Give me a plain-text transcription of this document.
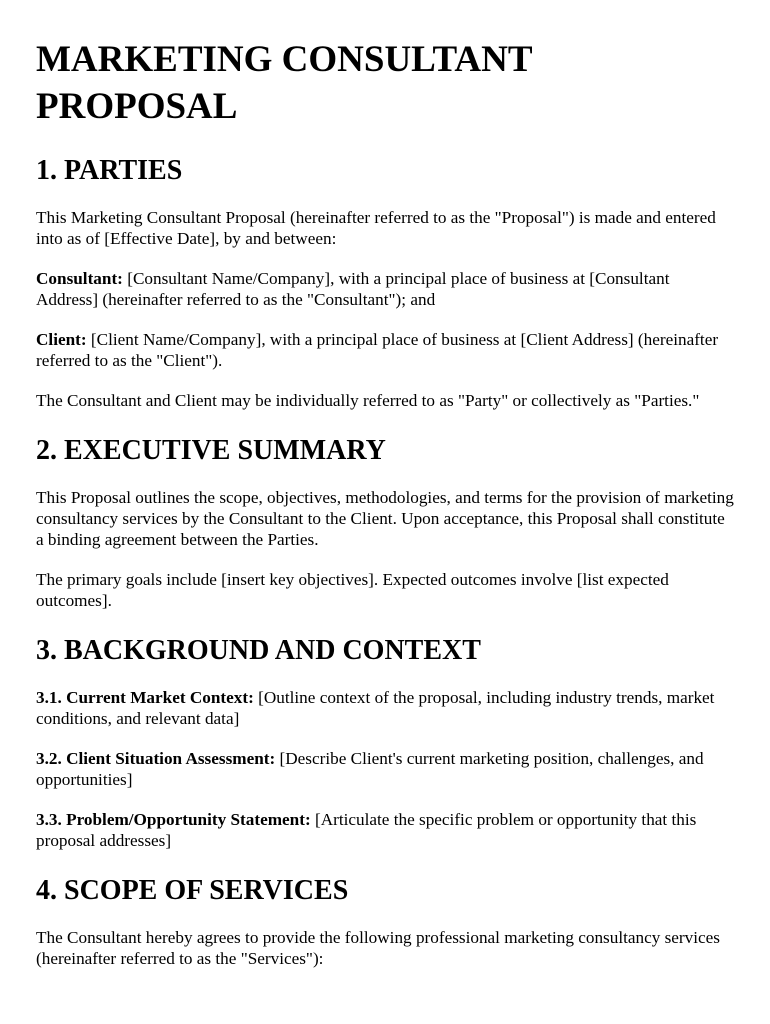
MARKETING CONSULTANT PROPOSAL
1. PARTIES

This Marketing Consultant Proposal (hereinafter referred to as the "Proposal") is made and entered into as of [Effective Date], by and between:

Consultant: [Consultant Name/Company], with a principal place of business at [Consultant Address] (hereinafter referred to as the "Consultant"); and

Client: [Client Name/Company], with a principal place of business at [Client Address] (hereinafter referred to as the "Client").

The Consultant and Client may be individually referred to as "Party" or collectively as "Parties."

2. EXECUTIVE SUMMARY

This Proposal outlines the scope, objectives, methodologies, and terms for the provision of marketing consultancy services by the Consultant to the Client. Upon acceptance, this Proposal shall constitute a binding agreement between the Parties.

The primary goals include [insert key objectives]. Expected outcomes involve [list expected outcomes].

3. BACKGROUND AND CONTEXT

3.1. Current Market Context: [Outline context of the proposal, including industry trends, market conditions, and relevant data]

3.2. Client Situation Assessment: [Describe Client's current marketing position, challenges, and opportunities]

3.3. Problem/Opportunity Statement: [Articulate the specific problem or opportunity that this proposal addresses]

4. SCOPE OF SERVICES

The Consultant hereby agrees to provide the following professional marketing consultancy services (hereinafter referred to as the "Services"):
